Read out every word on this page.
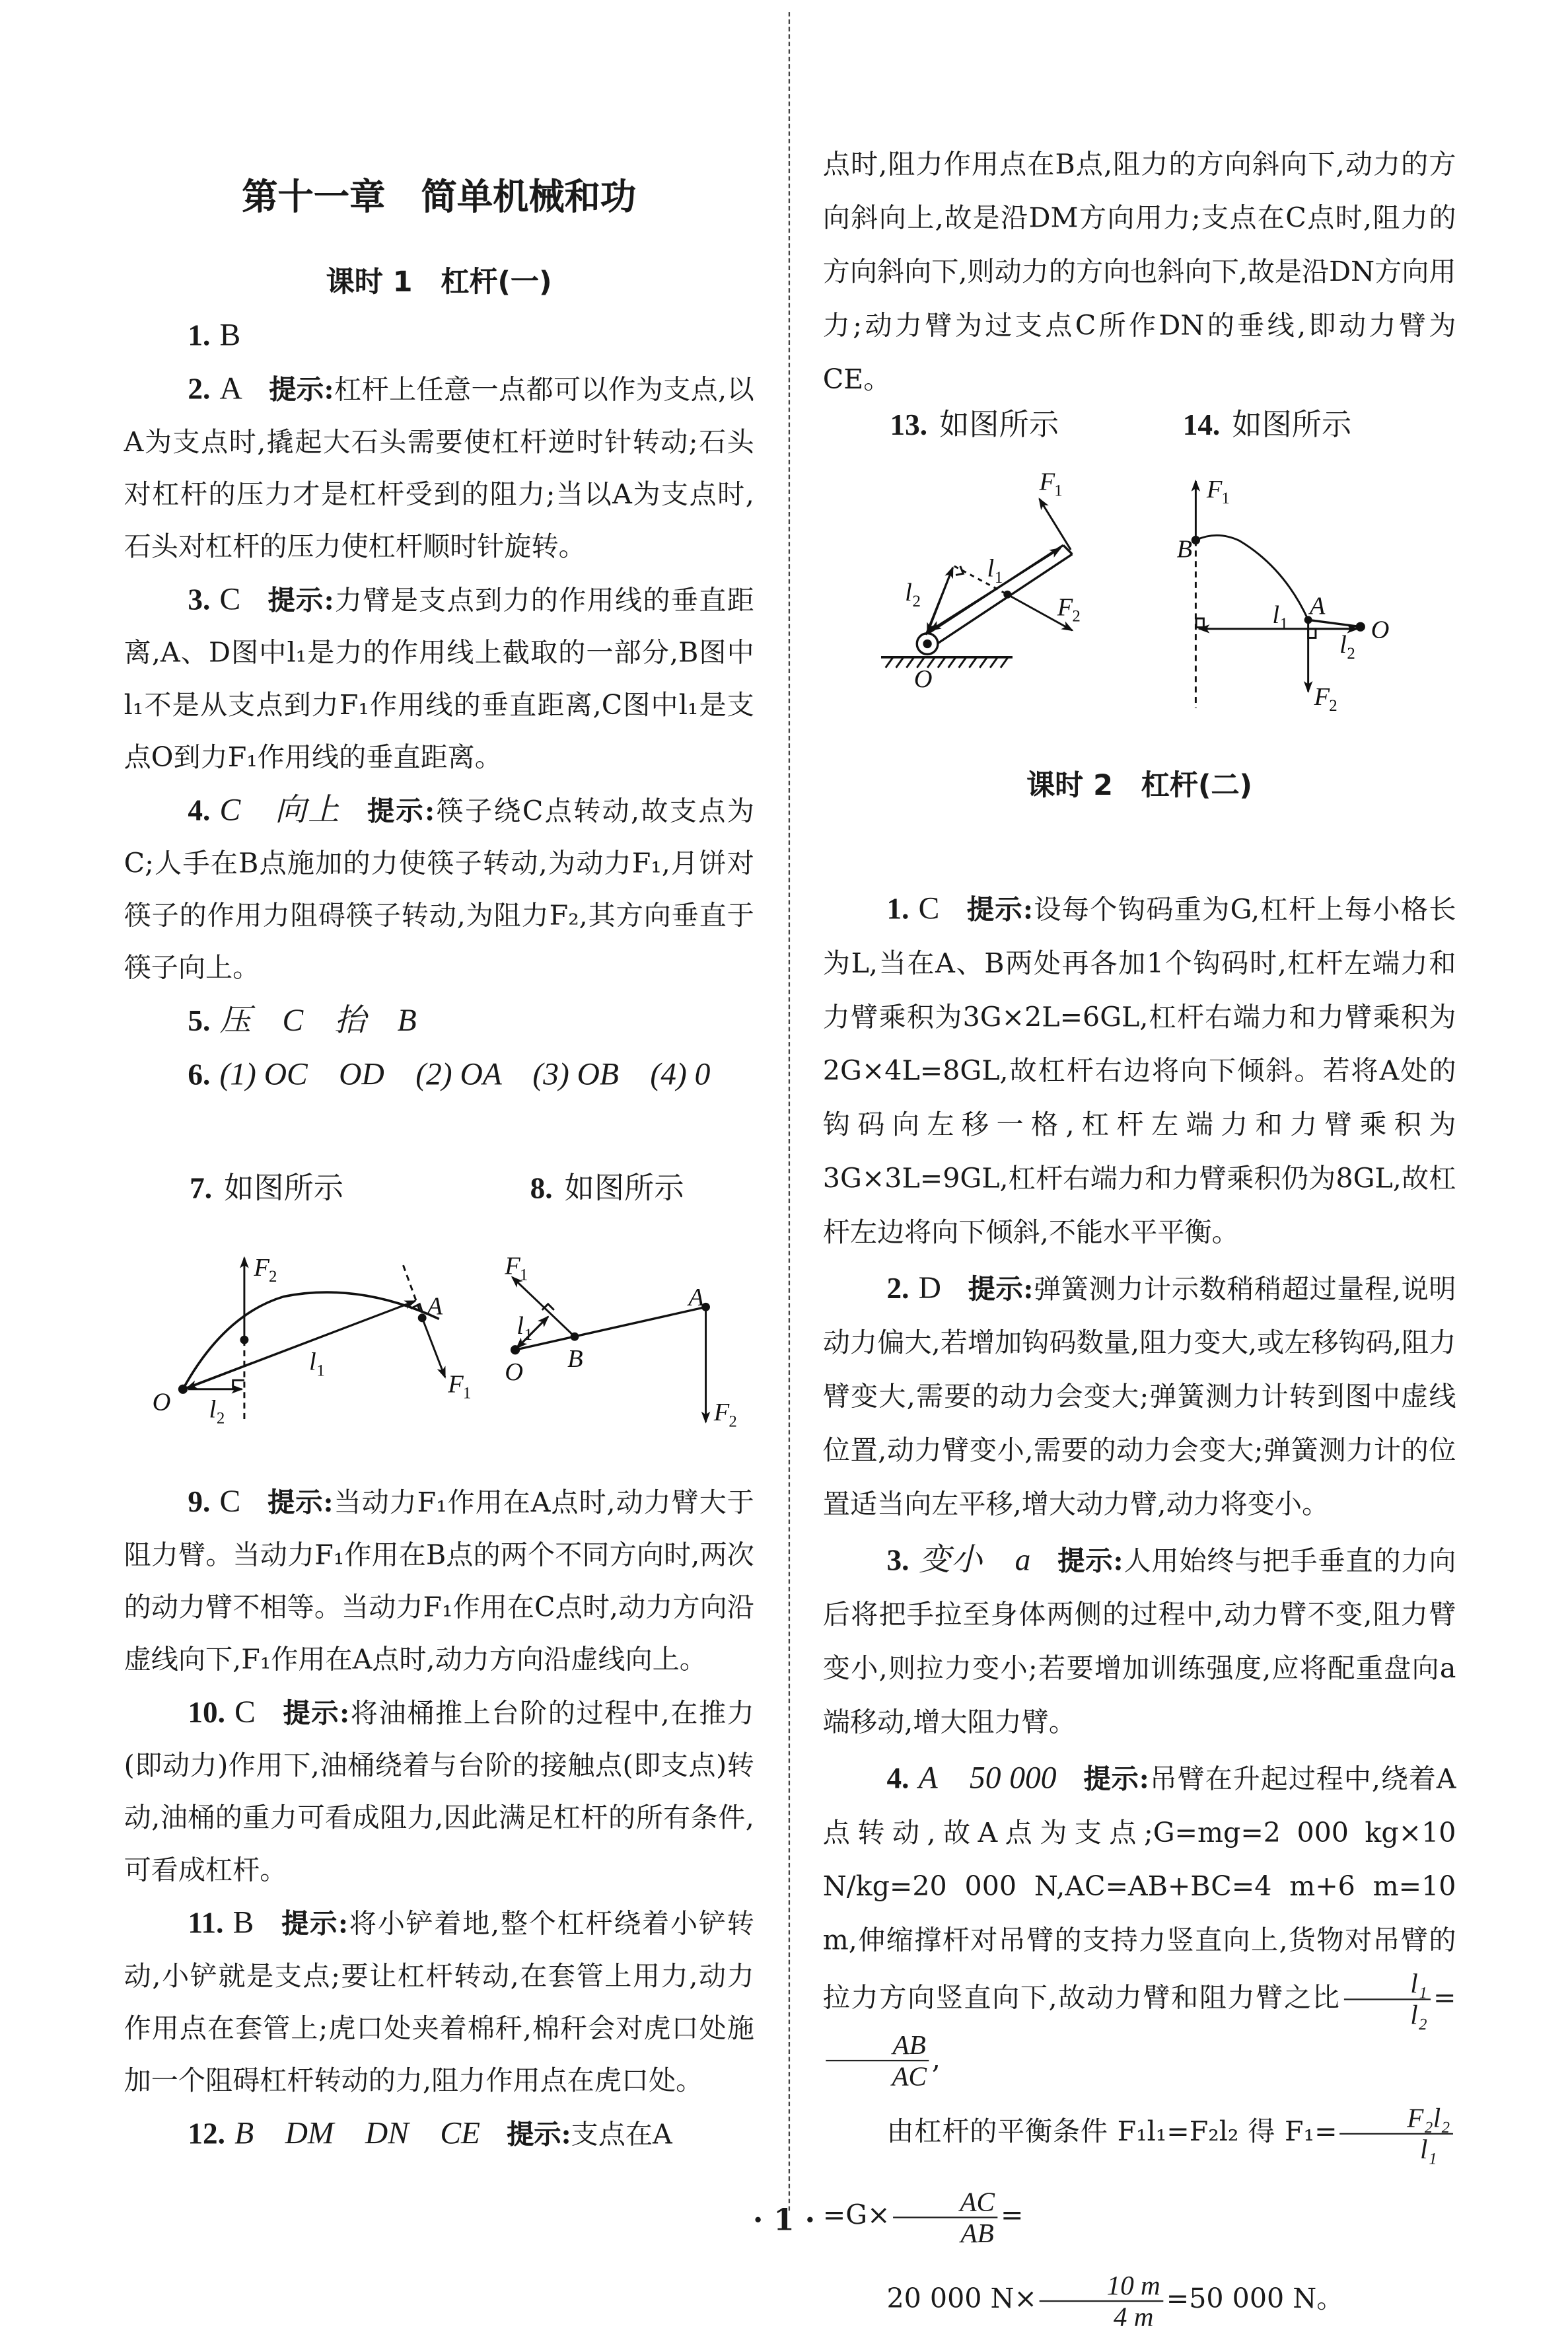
第十一章　简单机械和功
课时 1　杠杆(一)

1. B

2. A 提示:杠杆上任意一点都可以作为支点,以A为支点时,撬起大石头需要使杠杆逆时针转动;石头对杠杆的压力才是杠杆受到的阻力;当以A为支点时,石头对杠杆的压力使杠杆顺时针旋转。

3. C 提示:力臂是支点到力的作用线的垂直距离,A、D图中l₁是力的作用线上截取的一部分,B图中l₁不是从支点到力F₁作用线的垂直距离,C图中l₁是支点O到力F₁作用线的垂直距离。

4. C　向上 提示:筷子绕C点转动,故支点为C;人手在B点施加的力使筷子转动,为动力F₁,月饼对筷子的作用力阻碍筷子转动,为阻力F₂,其方向垂直于筷子向上。

5. 压　C　抬　B

6. (1) OC　OD　(2) OA　(3) OB　(4) 0

7. 如图所示	8. 如图所示

9. C 提示:当动力F₁作用在A点时,动力臂大于阻力臂。当动力F₁作用在B点的两个不同方向时,两次的动力臂不相等。当动力F₁作用在C点时,动力方向沿虚线向下,F₁作用在A点时,动力方向沿虚线向上。

10. C 提示:将油桶推上台阶的过程中,在推力(即动力)作用下,油桶绕着与台阶的接触点(即支点)转动,油桶的重力可看成阻力,因此满足杠杆的所有条件,可看成杠杆。

11. B 提示:将小铲着地,整个杠杆绕着小铲转动,小铲就是支点;要让杠杆转动,在套管上用力,动力作用点在套管上;虎口处夹着棉秆,棉秆会对虎口处施加一个阻碍杠杆转动的力,阻力作用点在虎口处。

12. B　DM　DN　CE 提示:支点在A

点时,阻力作用点在B点,阻力的方向斜向下,动力的方向斜向上,故是沿DM方向用力;支点在C点时,阻力的方向斜向下,则动力的方向也斜向下,故是沿DN方向用力;动力臂为过支点C所作DN的垂线,即动力臂为CE。

13. 如图所示	14. 如图所示
课时 2　杠杆(二)

1. C 提示:设每个钩码重为G,杠杆上每小格长为L,当在A、B两处再各加1个钩码时,杠杆左端力和力臂乘积为3G×2L=6GL,杠杆右端力和力臂乘积为2G×4L=8GL,故杠杆右边将向下倾斜。若将A处的钩码向左移一格,杠杆左端力和力臂乘积为3G×3L=9GL,杠杆右端力和力臂乘积仍为8GL,故杠杆左边将向下倾斜,不能水平平衡。

2. D 提示:弹簧测力计示数稍稍超过量程,说明动力偏大,若增加钩码数量,阻力变大,或左移钩码,阻力臂变大,需要的动力会变大;弹簧测力计转到图中虚线位置,动力臂变小,需要的动力会变大;弹簧测力计的位置适当向左平移,增大动力臂,动力将变小。

3. 变小　a 提示:人用始终与把手垂直的力向后将把手拉至身体两侧的过程中,动力臂不变,阻力臂变小,则拉力变小;若要增加训练强度,应将配重盘向a端移动,增大阻力臂。

4. A　50 000 提示:吊臂在升起过程中,绕着A点转动,故A点为支点;G=mg=2 000 kg×10 N/kg=20 000 N,AC=AB+BC=4 m+6 m=10 m,伸缩撑杆对吊臂的支持力竖直向上,货物对吊臂的拉力方向竖直向下,故动力臂和阻力臂之比 $\frac{\text{l₁}}{\text{l₂}}$ =
$\frac{AB}{AC}$ ,

由杠杆的平衡条件 F₁l₁=F₂l₂ 得 $F_1= \frac{\text{F₂l₂}}{\text{l₁}}$
$=G\times \frac{AC}{AB}$ =

20 000 $N\times \frac{10 m}{4 m} =50$ 000 N。

F 2
A
l 1	F 1
O	l 2
F 1
l 1
B
O
A
F 2
F 1
F 2
l 1
l 2
O
F 1
B
A
l 1	O
l 2
F 2
· 1 ·
